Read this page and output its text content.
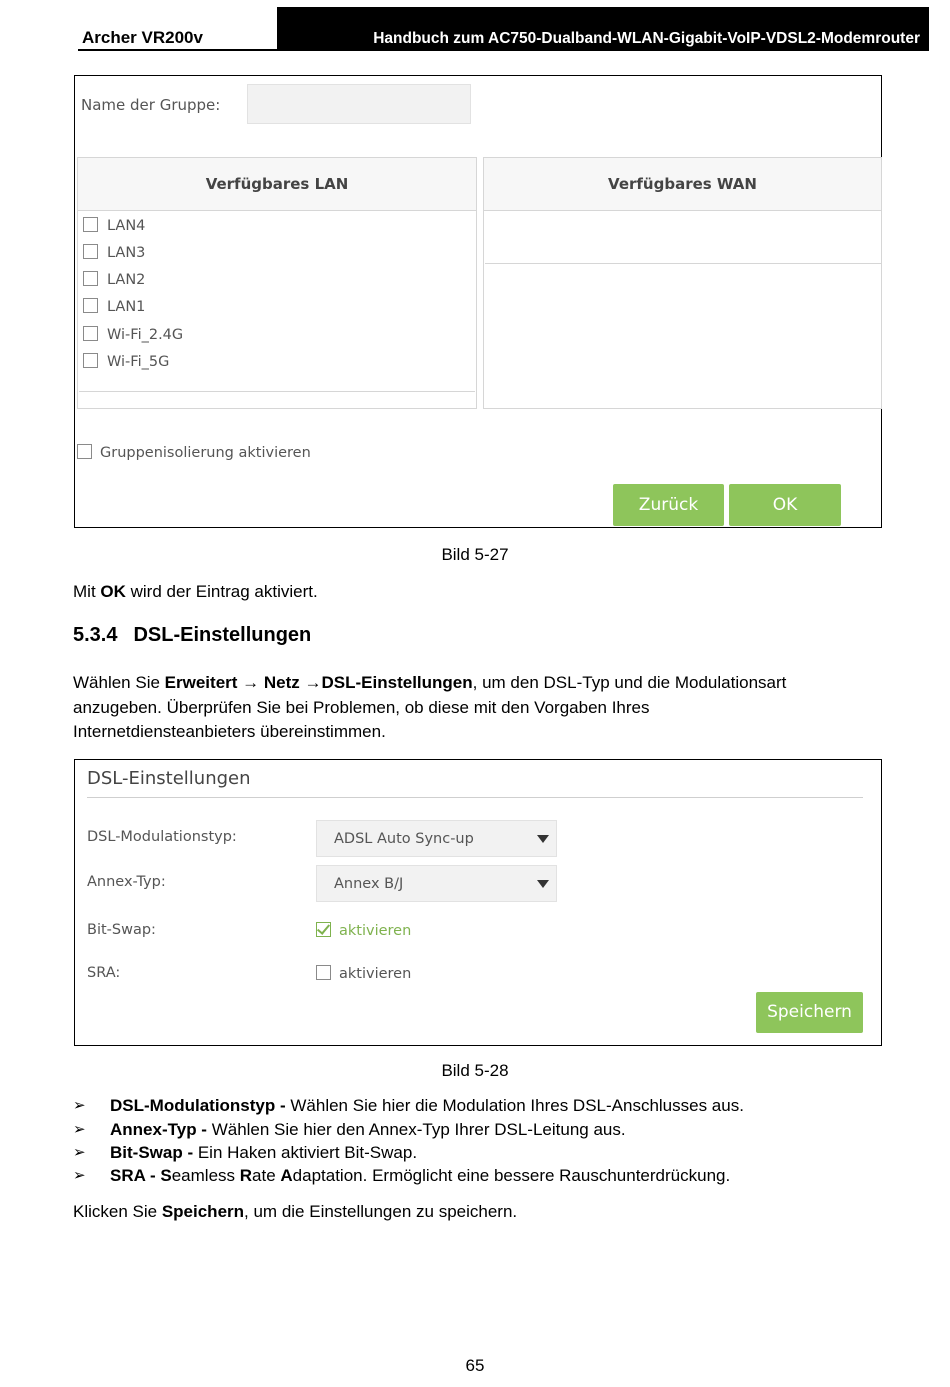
Archer VR200v	Handbuch zum AC750-Dualband-WLAN-Gigabit-VoIP-VDSL2-Modemrouter
Name der Gruppe:
Verfügbares LAN
LAN4
LAN3
LAN2
LAN1
Wi-Fi_2.4G
Wi-Fi_5G
Verfügbares WAN
Gruppenisolierung aktivieren
Zurück	OK
Bild 5-27
Mit OK wird der Eintrag aktiviert.
5.3.4 DSL-Einstellungen
Wählen Sie Erweitert → Netz →DSL-Einstellungen, um den DSL-Typ und die Modulationsart
anzugeben. Überprüfen Sie bei Problemen, ob diese mit den Vorgaben Ihres
Internetdiensteanbieters übereinstimmen.
DSL-Einstellungen
DSL-Modulationstyp:	ADSL Auto Sync-up
Annex-Typ:	Annex B/J
Bit-Swap:	aktivieren
SRA:	aktivieren
Speichern
Bild 5-28
➢ DSL-Modulationstyp - Wählen Sie hier die Modulation Ihres DSL-Anschlusses aus.
➢ Annex-Typ - Wählen Sie hier den Annex-Typ Ihrer DSL-Leitung aus.
➢ Bit-Swap - Ein Haken aktiviert Bit-Swap.
➢ SRA - Seamless Rate Adaptation. Ermöglicht eine bessere Rauschunterdrückung.
Klicken Sie Speichern, um die Einstellungen zu speichern.
65
